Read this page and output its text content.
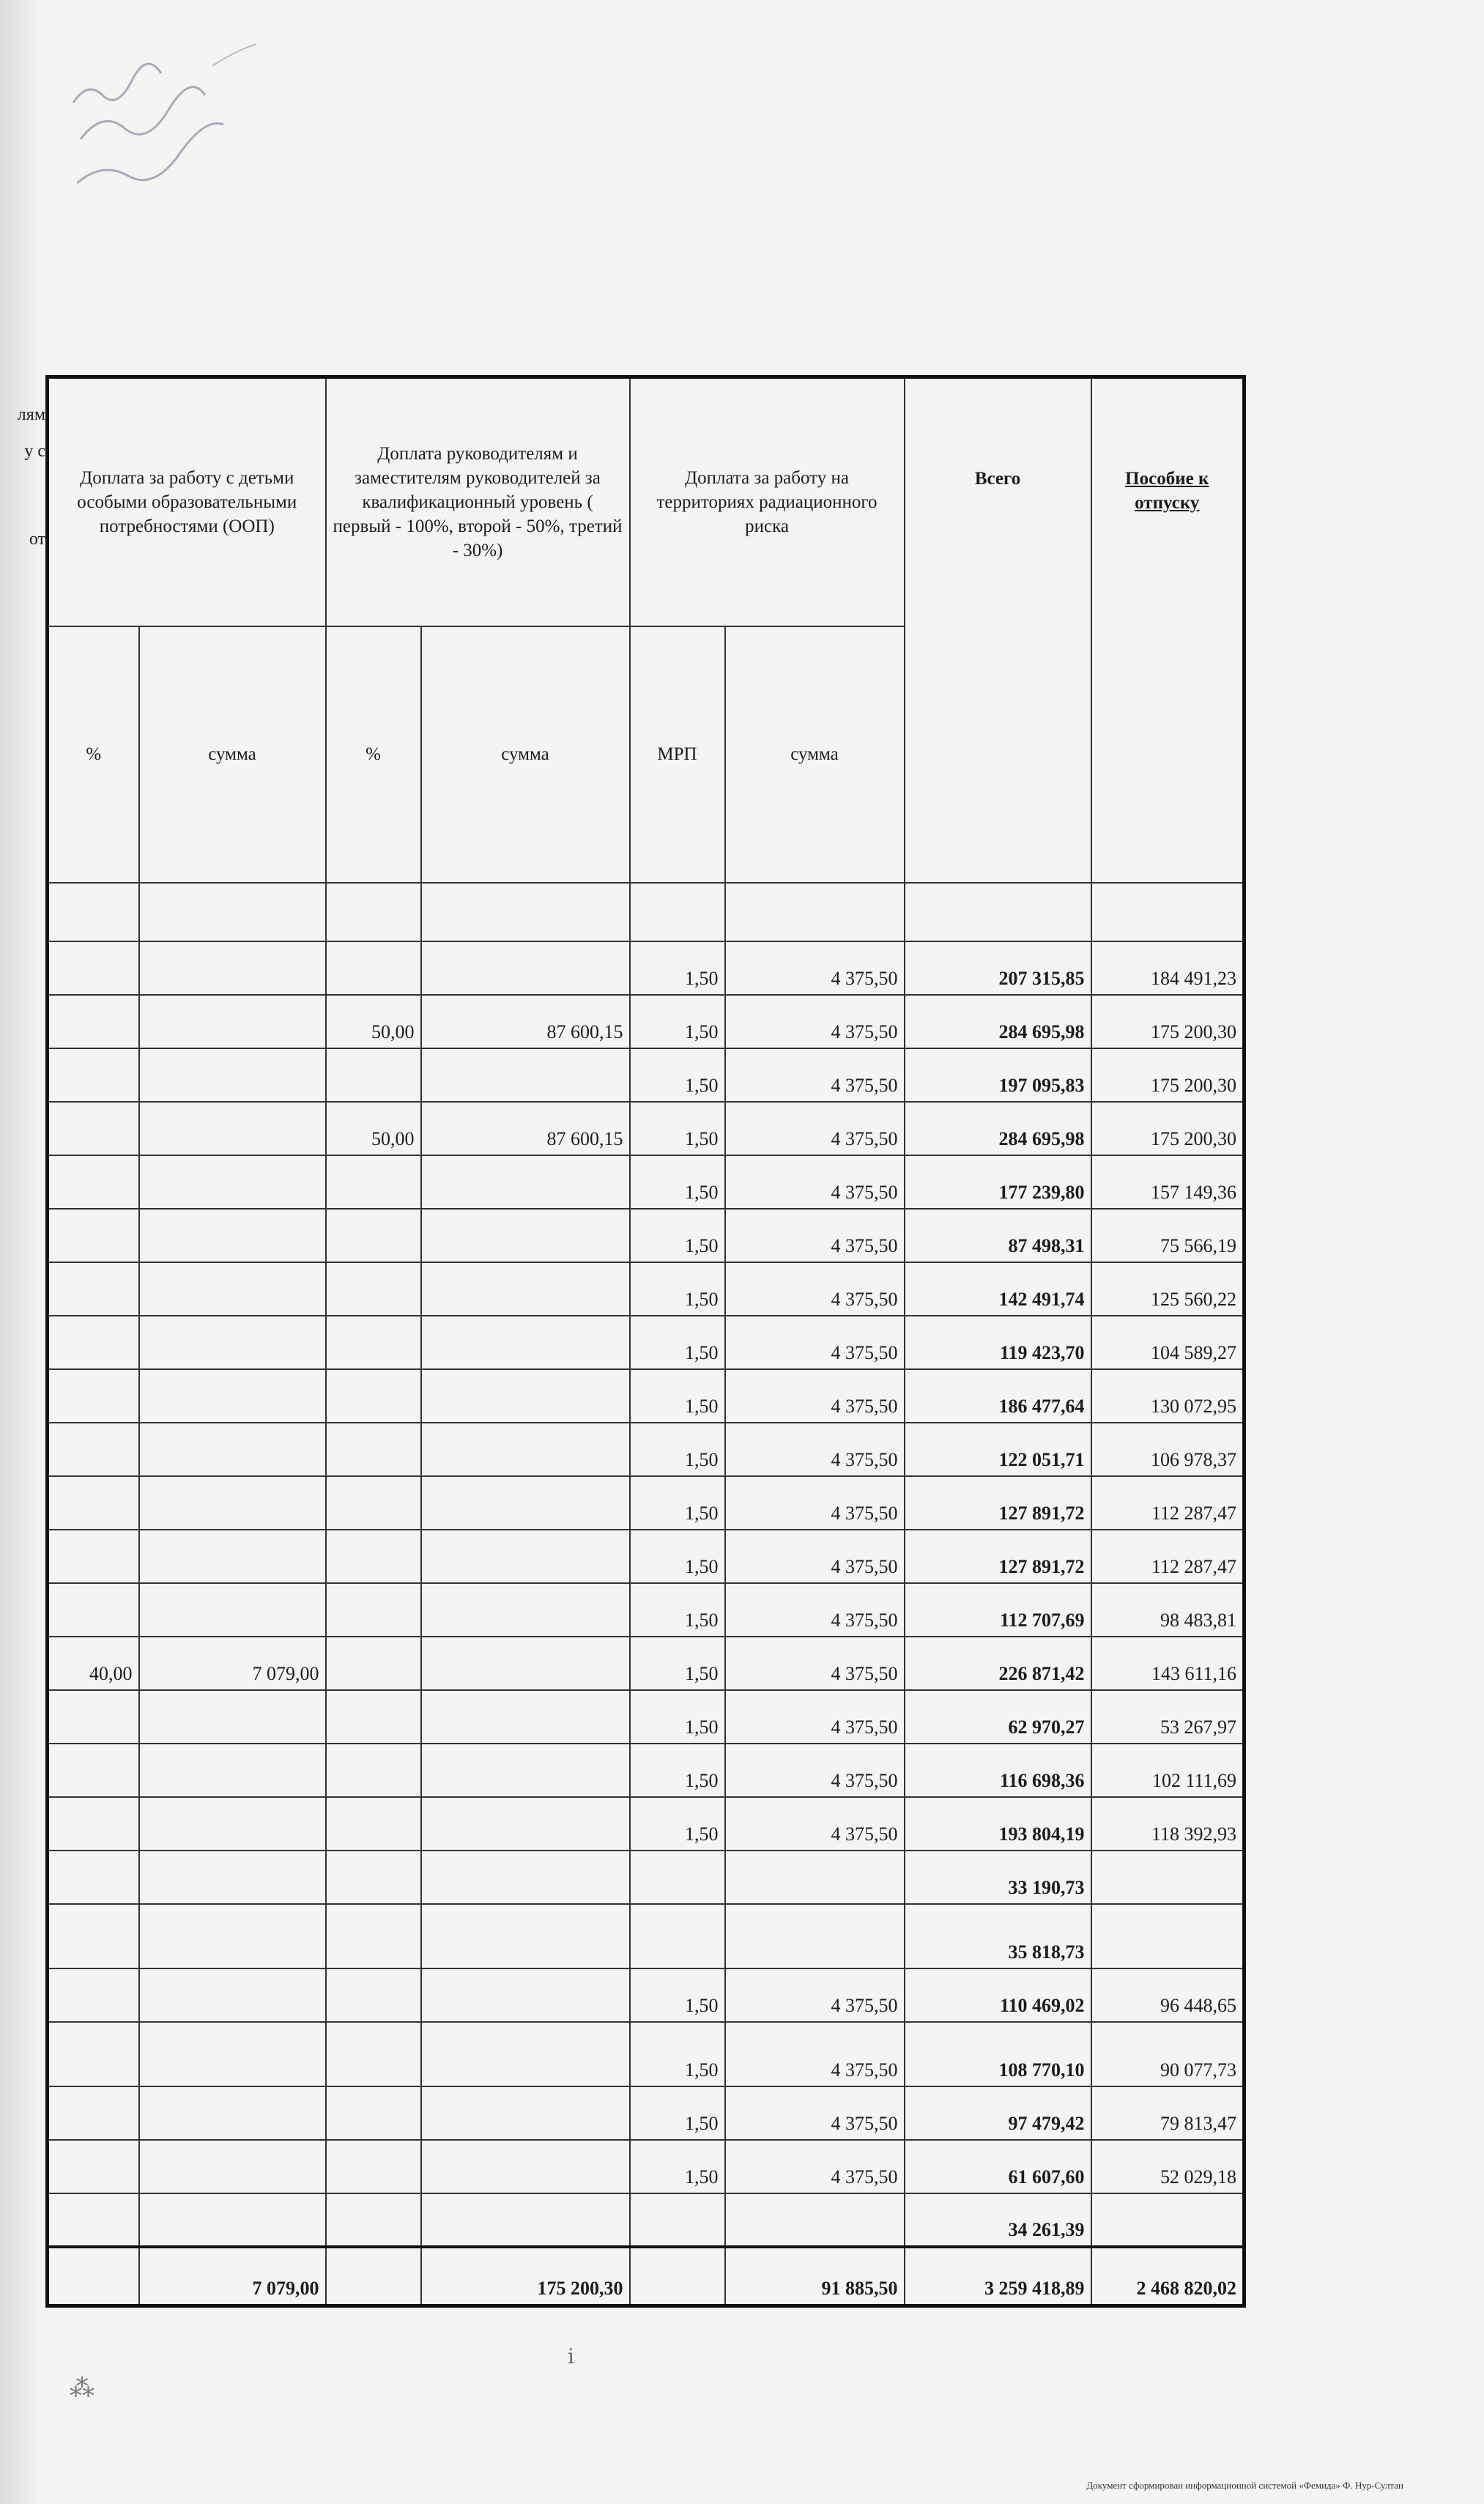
лям
у с
от
Доплата за работу с детьми особыми образовательными потребностями (ООП)		Доплата руководителям и заместителям руководителей за квалификационный уровень ( первый - 100%, второй - 50%, третий - 30%)		Доплата за работу на территориях радиационного риска		Всего	Пособие к отпуску
%	сумма	%	сумма	МРП	сумма		

				1,50	4 375,50	207 315,85	184 491,23
		50,00	87 600,15	1,50	4 375,50	284 695,98	175 200,30
				1,50	4 375,50	197 095,83	175 200,30
		50,00	87 600,15	1,50	4 375,50	284 695,98	175 200,30
				1,50	4 375,50	177 239,80	157 149,36
				1,50	4 375,50	87 498,31	75 566,19
				1,50	4 375,50	142 491,74	125 560,22
				1,50	4 375,50	119 423,70	104 589,27
				1,50	4 375,50	186 477,64	130 072,95
				1,50	4 375,50	122 051,71	106 978,37
				1,50	4 375,50	127 891,72	112 287,47
				1,50	4 375,50	127 891,72	112 287,47
				1,50	4 375,50	112 707,69	98 483,81
40,00	7 079,00			1,50	4 375,50	226 871,42	143 611,16
				1,50	4 375,50	62 970,27	53 267,97
				1,50	4 375,50	116 698,36	102 111,69
				1,50	4 375,50	193 804,19	118 392,93
						33 190,73	
						35 818,73	
				1,50	4 375,50	110 469,02	96 448,65
				1,50	4 375,50	108 770,10	90 077,73
				1,50	4 375,50	97 479,42	79 813,47
				1,50	4 375,50	61 607,60	52 029,18
						34 261,39	
	7 079,00		175 200,30		91 885,50	3 259 418,89	2 468 820,02
ⅰ
⁂
Документ сформирован информационной системой «Фемида» Ф. Нур-Султан
